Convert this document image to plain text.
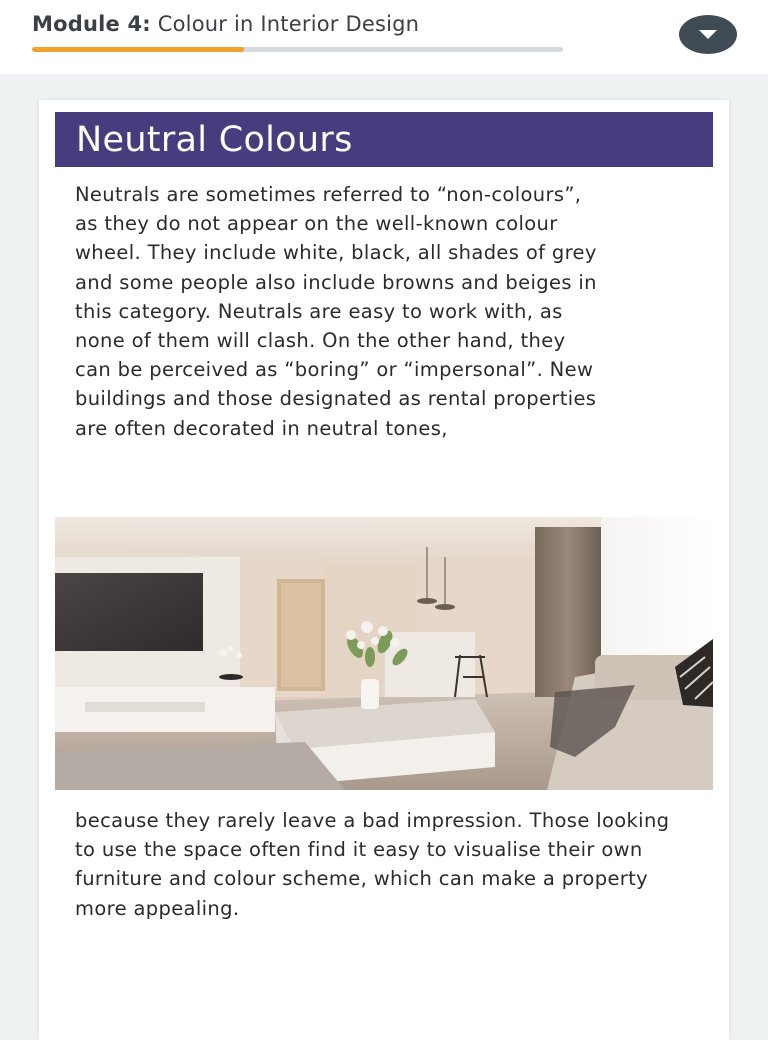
Module 4: Colour in Interior Design
Neutral Colours

Neutrals are sometimes referred to “non-colours”, as they do not appear on the well-known colour wheel. They include white, black, all shades of grey and some people also include browns and beiges in this category. Neutrals are easy to work with, as none of them will clash. On the other hand, they can be perceived as “boring” or “impersonal”. New buildings and those designated as rental properties are often decorated in neutral tones,

because they rarely leave a bad impression. Those looking to use the space often find it easy to visualise their own furniture and colour scheme, which can make a property more appealing.
